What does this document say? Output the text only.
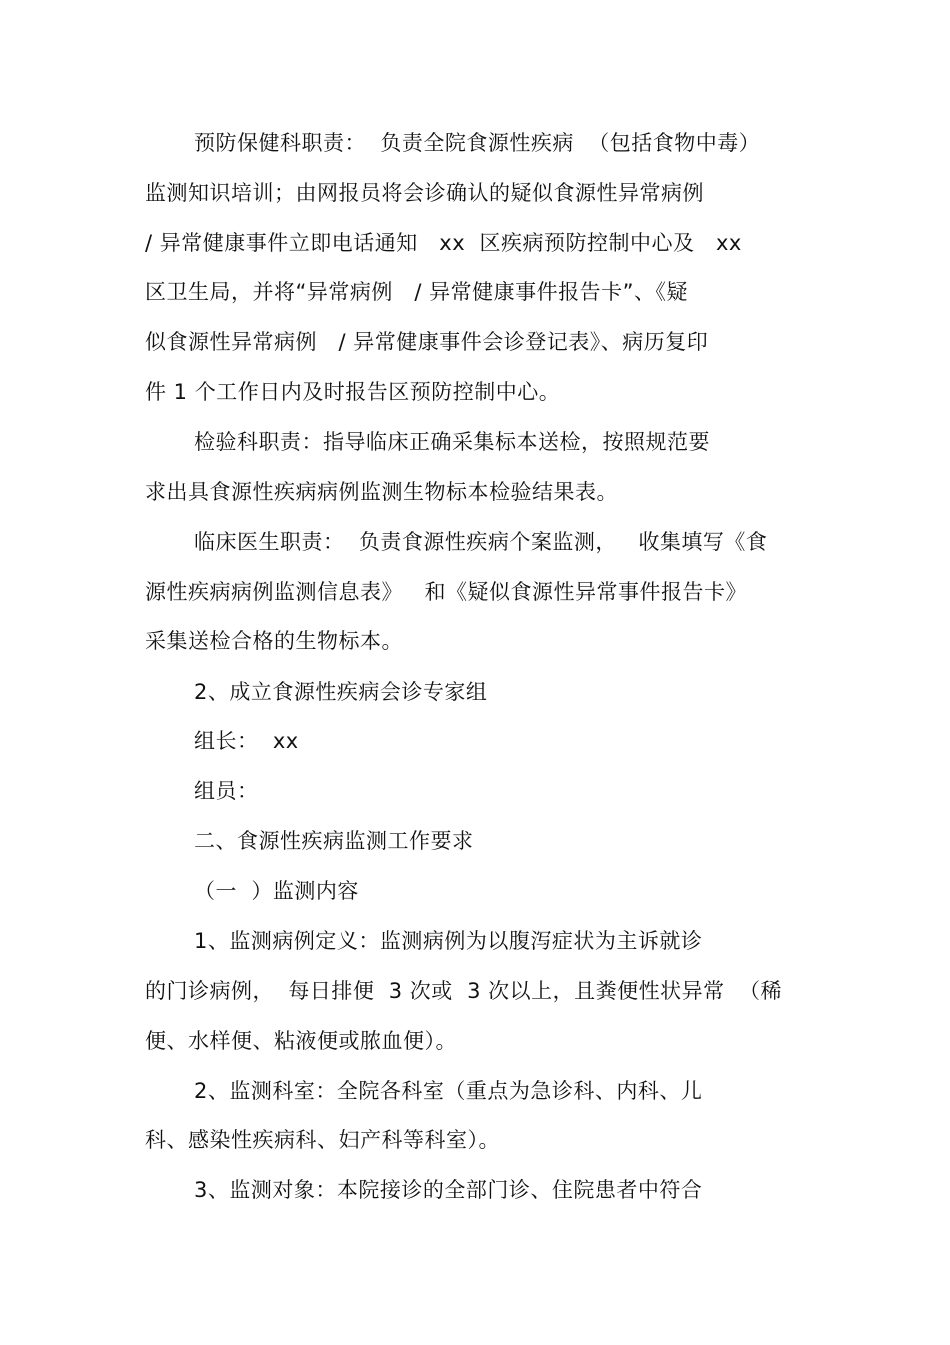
预防保健科职责：  负责全院食源性疾病  （包括食物中毒）
监测知识培训；由网报员将会诊确认的疑似食源性异常病例
/ 异常健康事件立即电话通知   xx  区疾病预防控制中心及   xx
区卫生局，并将“异常病例   / 异常健康事件报告卡”、《疑
似食源性异常病例   / 异常健康事件会诊登记表》、病历复印
件 1 个工作日内及时报告区预防控制中心。
检验科职责：指导临床正确采集标本送检，按照规范要
求出具食源性疾病病例监测生物标本检验结果表。
临床医生职责：  负责食源性疾病个案监测，   收集填写《食
源性疾病病例监测信息表》   和《疑似食源性异常事件报告卡》
采集送检合格的生物标本。
2、成立食源性疾病会诊专家组
组长：  xx
组员：
二、食源性疾病监测工作要求
（一  ）监测内容
1、监测病例定义：监测病例为以腹泻症状为主诉就诊
的门诊病例，  每日排便  3 次或  3 次以上，且粪便性状异常  （稀
便、水样便、粘液便或脓血便）。
2、监测科室：全院各科室（重点为急诊科、内科、儿
科、感染性疾病科、妇产科等科室）。
3、监测对象：本院接诊的全部门诊、住院患者中符合
